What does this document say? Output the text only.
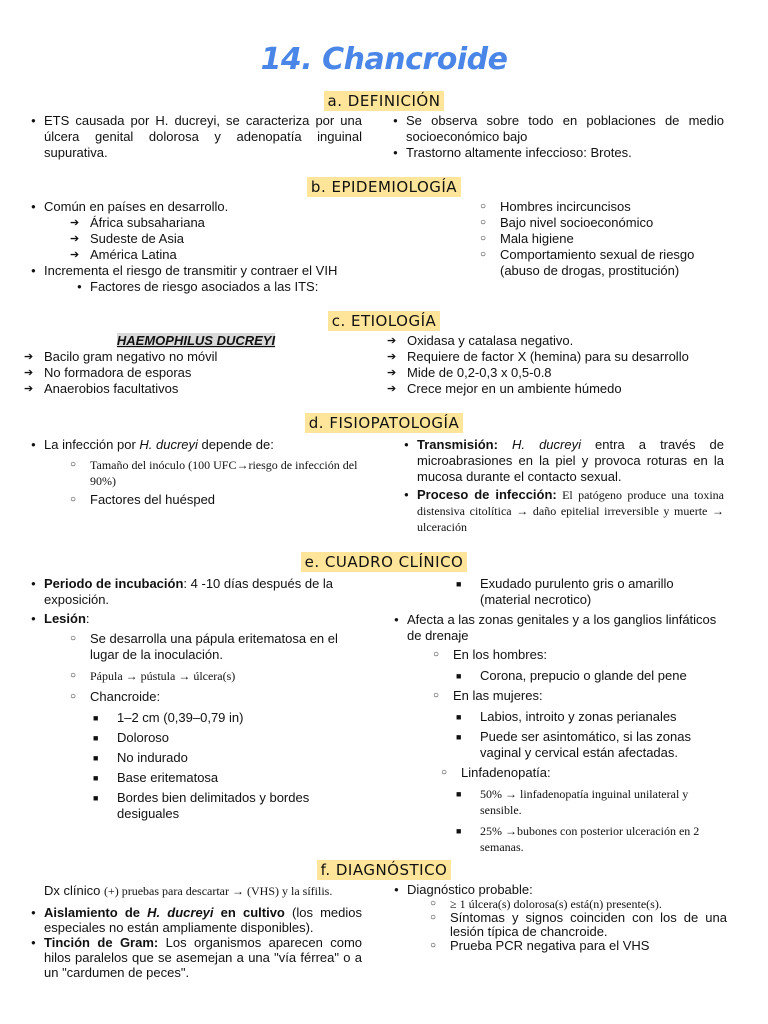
14. Chancroide
a. DEFINICIÓN
● ETS causada por H. ducreyi, se caracteriza por una úlcera genital dolorosa y adenopatía inguinal supurativa.
● Se observa sobre todo en poblaciones de medio socioeconómico bajo
● Trastorno altamente infeccioso: Brotes.
b. EPIDEMIOLOGÍA
● Común en países en desarrollo.
➔ África subsahariana
➔ Sudeste de Asia
➔ América Latina
● Incrementa el riesgo de transmitir y contraer el VIH
● Factores de riesgo asociados a las ITS:
○ Hombres incircuncisos
○ Bajo nivel socioeconómico
○ Mala higiene
○ Comportamiento sexual de riesgo (abuso de drogas, prostitución)
c. ETIOLOGÍA
HAEMOPHILUS DUCREYI
➔ Bacilo gram negativo no móvil
➔ No formadora de esporas
➔ Anaerobios facultativos
➔ Oxidasa y catalasa negativo.
➔ Requiere de factor X (hemina) para su desarrollo
➔ Mide de 0,2-0,3 x 0,5-0.8
➔ Crece mejor en un ambiente húmedo
d. FISIOPATOLOGÍA
● La infección por H. ducreyi depende de:
○ Tamaño del inóculo (100 UFC→riesgo de infección del 90%)
○ Factores del huésped
● Transmisión: H. ducreyi entra a través de microabrasiones en la piel y provoca roturas en la mucosa durante el contacto sexual.
● Proceso de infección: El patógeno produce una toxina distensiva citolítica → daño epitelial irreversible y muerte → ulceración
e. CUADRO CLÍNICO
● Periodo de incubación: 4 -10 días después de la exposición.
● Lesión:
○ Se desarrolla una pápula eritematosa en el lugar de la inoculación.
○ Pápula → pústula → úlcera(s)
○ Chancroide:
■ 1–2 cm (0,39–0,79 in)
■ Doloroso
■ No indurado
■ Base eritematosa
■ Bordes bien delimitados y bordes desiguales
■ Exudado purulento gris o amarillo (material necrotico)
● Afecta a las zonas genitales y a los ganglios linfáticos de drenaje
○ En los hombres:
■ Corona, prepucio o glande del pene
○ En las mujeres:
■ Labios, introito y zonas perianales
■ Puede ser asintomático, si las zonas vaginal y cervical están afectadas.
○ Linfadenopatía:
■ 50% → linfadenopatía inguinal unilateral y sensible.
■ 25% →bubones con posterior ulceración en 2 semanas.
f. DIAGNÓSTICO
Dx clínico (+) pruebas para descartar → (VHS) y la sífilis.
● Aislamiento de H. ducreyi en cultivo (los medios especiales no están ampliamente disponibles).
● Tinción de Gram: Los organismos aparecen como hilos paralelos que se asemejan a una "vía férrea" o a un "cardumen de peces".
● Diagnóstico probable:
○ ≥ 1 úlcera(s) dolorosa(s) está(n) presente(s).
○ Síntomas y signos coinciden con los de una lesión típica de chancroide.
○ Prueba PCR negativa para el VHS
